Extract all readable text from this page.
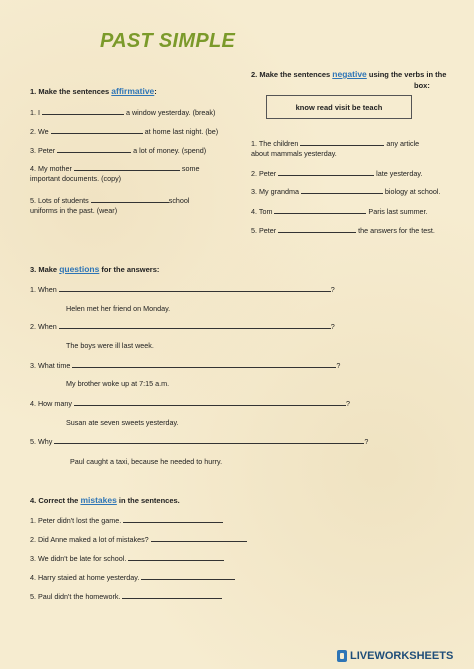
PAST SIMPLE
1. Make the sentences affirmative:
1. I	a window yesterday. (break)
2. We	at home last night. (be)
3. Peter	a lot of money. (spend)
4. My mother	some
important documents. (copy)
5. Lots of students	school
uniforms in the past. (wear)
2. Make the sentences negative using the verbs in the
box:
know read visit be teach
1. The children	any article
about mammals yesterday.
2. Peter	late yesterday.
3. My grandma	biology at school.
4. Tom	Paris last summer.
5. Peter	the answers for the test.
3. Make questions for the answers:
1. When	?
Helen met her friend on Monday.
2. When	?
The boys were ill last week.
3. What time	?
My brother woke up at 7:15 a.m.
4. How many	?
Susan ate seven sweets yesterday.
5. Why	?
Paul caught a taxi, because he needed to hurry.
4. Correct the mistakes in the sentences.
1. Peter didn't lost the game.
2. Did Anne maked a lot of mistakes?
3. We didn't be late for school.
4. Harry staied at home yesterday.
5. Paul didn't the homework.
LIVEWORKSHEETS
